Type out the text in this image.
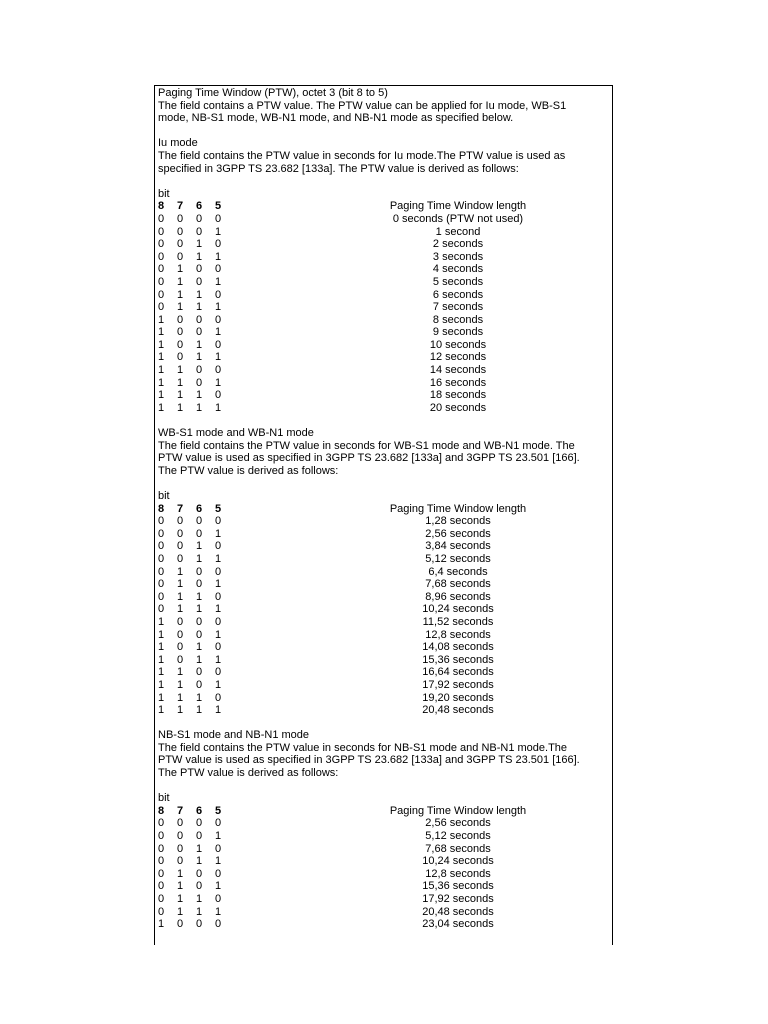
Paging Time Window (PTW), octet 3 (bit 8 to 5)
The field contains a PTW value. The PTW value can be applied for Iu mode, WB-S1
mode, NB-S1 mode, WB-N1 mode, and NB-N1 mode as specified below.
Iu mode
The field contains the PTW value in seconds for Iu mode.The PTW value is used as
specified in 3GPP TS 23.682 [133a]. The PTW value is derived as follows:
bit
8	7	6	5	Paging Time Window length
0	0	0	0	0 seconds (PTW not used)
0	0	0	1	1 second
0	0	1	0	2 seconds
0	0	1	1	3 seconds
0	1	0	0	4 seconds
0	1	0	1	5 seconds
0	1	1	0	6 seconds
0	1	1	1	7 seconds
1	0	0	0	8 seconds
1	0	0	1	9 seconds
1	0	1	0	10 seconds
1	0	1	1	12 seconds
1	1	0	0	14 seconds
1	1	0	1	16 seconds
1	1	1	0	18 seconds
1	1	1	1	20 seconds
WB-S1 mode and WB-N1 mode
The field contains the PTW value in seconds for WB-S1 mode and WB-N1 mode. The
PTW value is used as specified in 3GPP TS 23.682 [133a] and 3GPP TS 23.501 [166].
The PTW value is derived as follows:
bit
8	7	6	5	Paging Time Window length
0	0	0	0	1,28 seconds
0	0	0	1	2,56 seconds
0	0	1	0	3,84 seconds
0	0	1	1	5,12 seconds
0	1	0	0	6,4 seconds
0	1	0	1	7,68 seconds
0	1	1	0	8,96 seconds
0	1	1	1	10,24 seconds
1	0	0	0	11,52 seconds
1	0	0	1	12,8 seconds
1	0	1	0	14,08 seconds
1	0	1	1	15,36 seconds
1	1	0	0	16,64 seconds
1	1	0	1	17,92 seconds
1	1	1	0	19,20 seconds
1	1	1	1	20,48 seconds
NB-S1 mode and NB-N1 mode
The field contains the PTW value in seconds for NB-S1 mode and NB-N1 mode.The
PTW value is used as specified in 3GPP TS 23.682 [133a] and 3GPP TS 23.501 [166].
The PTW value is derived as follows:
bit
8	7	6	5	Paging Time Window length
0	0	0	0	2,56 seconds
0	0	0	1	5,12 seconds
0	0	1	0	7,68 seconds
0	0	1	1	10,24 seconds
0	1	0	0	12,8 seconds
0	1	0	1	15,36 seconds
0	1	1	0	17,92 seconds
0	1	1	1	20,48 seconds
1	0	0	0	23,04 seconds
